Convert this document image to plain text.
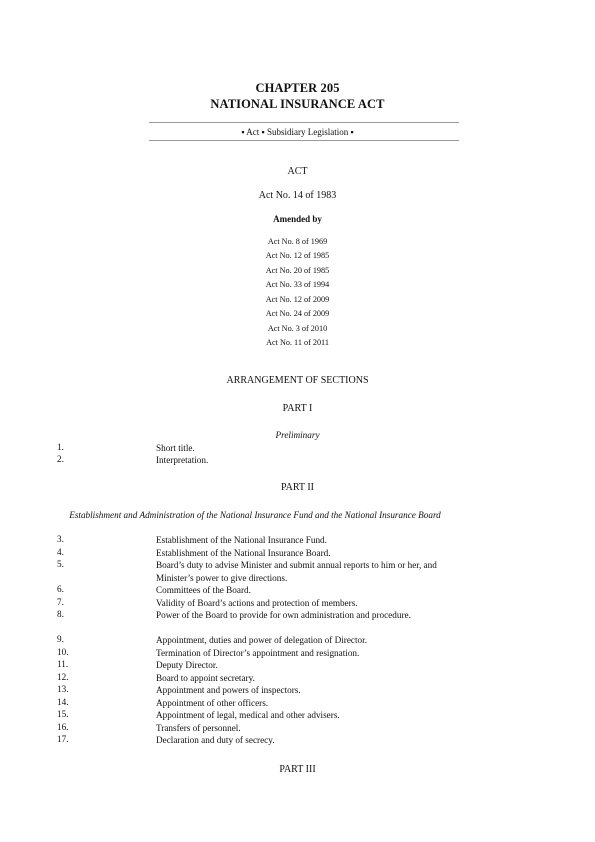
CHAPTER 205
NATIONAL INSURANCE ACT
▪ Act ▪ Subsidiary Legislation ▪
ACT
Act No. 14 of 1983
Amended by
Act No. 8 of 1969
Act No. 12 of 1985
Act No. 20 of 1985
Act No. 33 of 1994
Act No. 12 of 2009
Act No. 24 of 2009
Act No. 3 of 2010
Act No. 11 of 2011
ARRANGEMENT OF SECTIONS
PART I
Preliminary
1.	Short title.
2.	Interpretation.
PART II
Establishment and Administration of the National Insurance Fund and the National Insurance Board
3.	Establishment of the National Insurance Fund.
4.	Establishment of the National Insurance Board.
5.	Board’s duty to advise Minister and submit annual reports to him or her, and Minister’s power to give directions.
6.	Committees of the Board.
7.	Validity of Board’s actions and protection of members.
8.	Power of the Board to provide for own administration and procedure.
9.	Appointment, duties and power of delegation of Director.
10.	Termination of Director’s appointment and resignation.
11.	Deputy Director.
12.	Board to appoint secretary.
13.	Appointment and powers of inspectors.
14.	Appointment of other officers.
15.	Appointment of legal, medical and other advisers.
16.	Transfers of personnel.
17.	Declaration and duty of secrecy.
PART III
